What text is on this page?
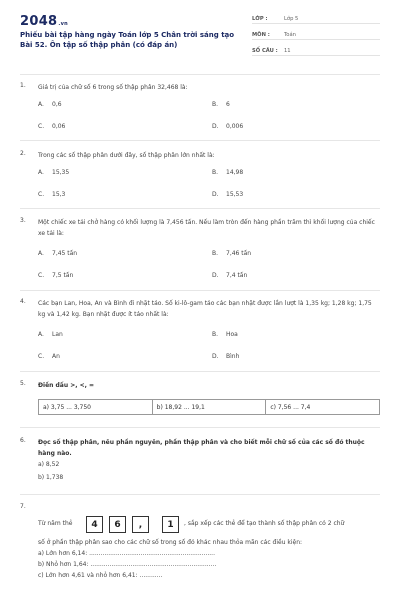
2048.vn
Phiếu bài tập hàng ngày Toán lớp 5 Chân trời sáng tạo Bài 52. Ôn tập số thập phân (có đáp án)
LỚP :	Lớp 5
MÔN :	Toán
SỐ CÂU :	11
1.	Giá trị của chữ số 6 trong số thập phân 32,468 là:
A.	0,6	B.	6
C.	0,06	D.	0,006
2.	Trong các số thập phân dưới đây, số thập phân lớn nhất là:
A.	15,35	B.	14,98
C.	15,3	D.	15,53
3.	Một chiếc xe tải chở hàng có khối lượng là 7,456 tấn. Nếu làm tròn đến hàng phần trăm thì khối lượng của chiếc xe tải là:
A.	7,45 tấn	B.	7,46 tấn
C.	7,5 tấn	D.	7,4 tấn
4.	Các bạn Lan, Hoa, An và Bình đi nhặt táo. Số ki-lô-gam táo các bạn nhặt được lần lượt là 1,35 kg; 1,28 kg; 1,75 kg và 1,42 kg. Bạn nhặt được ít táo nhất là:
A.	Lan	B.	Hoa
C.	An	D.	Bình
5.	Điền dấu >, <, =
a) 3,75 ... 3,750	b) 18,92 ... 19,1	c) 7,56 ... 7,4
6.	Đọc số thập phân, nêu phần nguyên, phần thập phân và cho biết mỗi chữ số của các số đó thuộc hàng nào.
a) 8,52
b) 1,738
7.
Từ năm thẻ	4	6	,	1	, sắp xếp các thẻ để tạo thành số thập phân có 2 chữ
số ở phần thập phân sao cho các chữ số trong số đó khác nhau thỏa mãn các điều kiện:
a) Lớn hơn 6,14: ..................................................................
b) Nhỏ hơn 1,64: ..................................................................
c) Lớn hơn 4,61 và nhỏ hơn 6,41: ............
